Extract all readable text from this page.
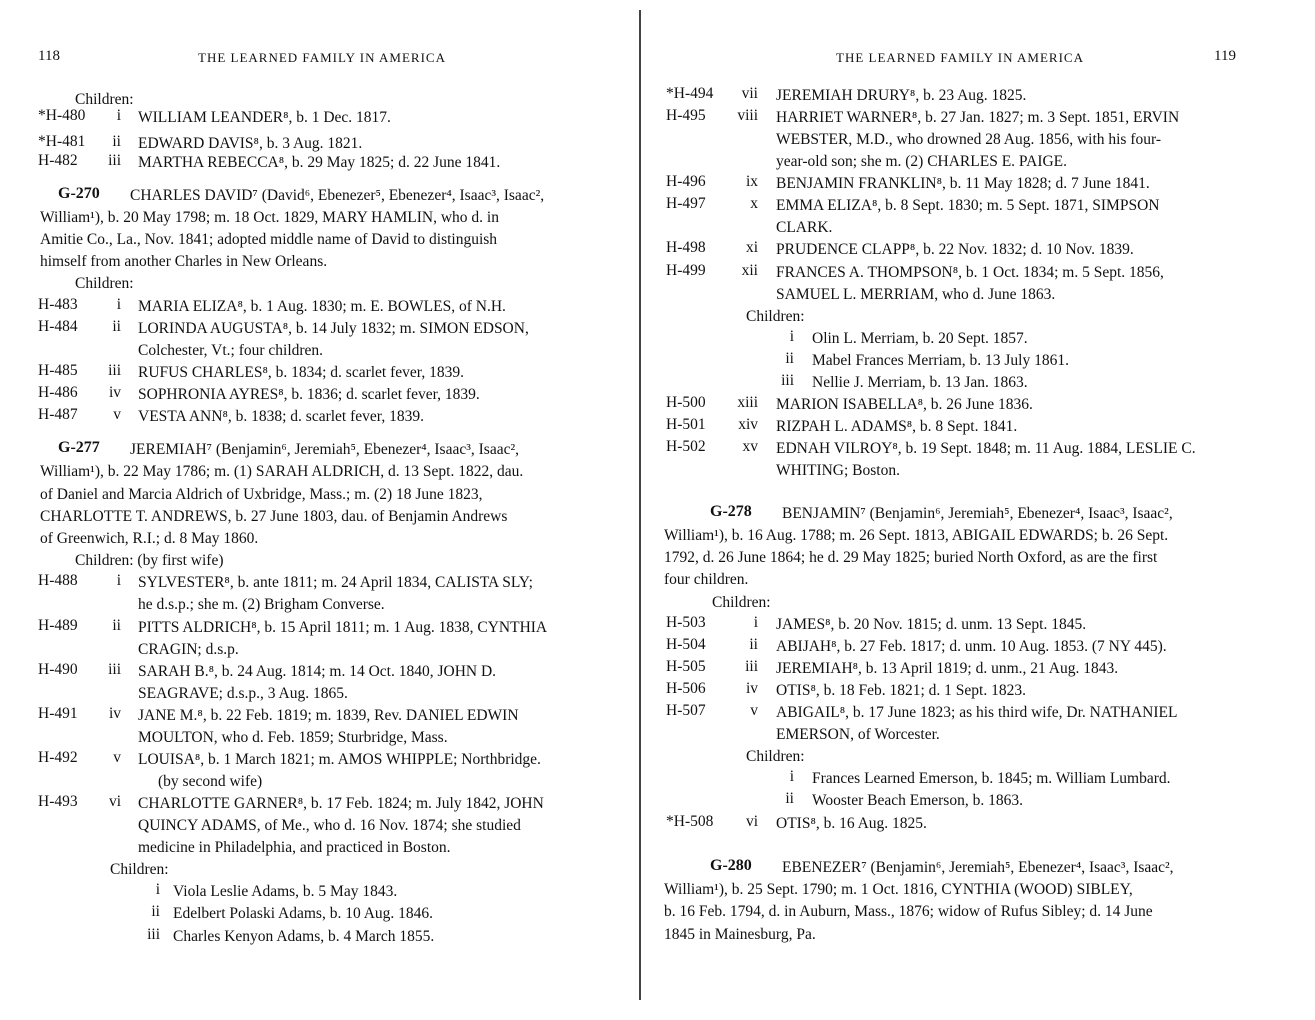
118	THE LEARNED FAMILY IN AMERICA
Children:
*H-480	i WILLIAM LEANDER⁸, b. 1 Dec. 1817.
*H-481	ii EDWARD DAVIS⁸, b. 3 Aug. 1821.
H-482	iii MARTHA REBECCA⁸, b. 29 May 1825; d. 22 June 1841.
G-270 CHARLES DAVID⁷ (David⁶, Ebenezer⁵, Ebenezer⁴, Isaac³, Isaac²,
William¹), b. 20 May 1798; m. 18 Oct. 1829, MARY HAMLIN, who d. in
Amitie Co., La., Nov. 1841; adopted middle name of David to distinguish
himself from another Charles in New Orleans.
Children:
H-483	i MARIA ELIZA⁸, b. 1 Aug. 1830; m. E. BOWLES, of N.H.
H-484	ii LORINDA AUGUSTA⁸, b. 14 July 1832; m. SIMON EDSON,
Colchester, Vt.; four children.
H-485	iii RUFUS CHARLES⁸, b. 1834; d. scarlet fever, 1839.
H-486	iv SOPHRONIA AYRES⁸, b. 1836; d. scarlet fever, 1839.
H-487	v VESTA ANN⁸, b. 1838; d. scarlet fever, 1839.
G-277 JEREMIAH⁷ (Benjamin⁶, Jeremiah⁵, Ebenezer⁴, Isaac³, Isaac²,
William¹), b. 22 May 1786; m. (1) SARAH ALDRICH, d. 13 Sept. 1822, dau.
of Daniel and Marcia Aldrich of Uxbridge, Mass.; m. (2) 18 June 1823,
CHARLOTTE T. ANDREWS, b. 27 June 1803, dau. of Benjamin Andrews
of Greenwich, R.I.; d. 8 May 1860.
Children: (by first wife)
H-488	i SYLVESTER⁸, b. ante 1811; m. 24 April 1834, CALISTA SLY;
he d.s.p.; she m. (2) Brigham Converse.
H-489	ii PITTS ALDRICH⁸, b. 15 April 1811; m. 1 Aug. 1838, CYNTHIA
CRAGIN; d.s.p.
H-490	iii SARAH B.⁸, b. 24 Aug. 1814; m. 14 Oct. 1840, JOHN D.
SEAGRAVE; d.s.p., 3 Aug. 1865.
H-491	iv JANE M.⁸, b. 22 Feb. 1819; m. 1839, Rev. DANIEL EDWIN
MOULTON, who d. Feb. 1859; Sturbridge, Mass.
H-492	v LOUISA⁸, b. 1 March 1821; m. AMOS WHIPPLE; Northbridge.
(by second wife)
H-493	vi CHARLOTTE GARNER⁸, b. 17 Feb. 1824; m. July 1842, JOHN
QUINCY ADAMS, of Me., who d. 16 Nov. 1874; she studied
medicine in Philadelphia, and practiced in Boston.
Children:
i Viola Leslie Adams, b. 5 May 1843.
ii Edelbert Polaski Adams, b. 10 Aug. 1846.
iii Charles Kenyon Adams, b. 4 March 1855.
THE LEARNED FAMILY IN AMERICA	119
*H-494	vii JEREMIAH DRURY⁸, b. 23 Aug. 1825.
H-495	viii HARRIET WARNER⁸, b. 27 Jan. 1827; m. 3 Sept. 1851, ERVIN
WEBSTER, M.D., who drowned 28 Aug. 1856, with his four-
year-old son; she m. (2) CHARLES E. PAIGE.
H-496	ix BENJAMIN FRANKLIN⁸, b. 11 May 1828; d. 7 June 1841.
H-497	x EMMA ELIZA⁸, b. 8 Sept. 1830; m. 5 Sept. 1871, SIMPSON
CLARK.
H-498	xi PRUDENCE CLAPP⁸, b. 22 Nov. 1832; d. 10 Nov. 1839.
H-499	xii FRANCES A. THOMPSON⁸, b. 1 Oct. 1834; m. 5 Sept. 1856,
SAMUEL L. MERRIAM, who d. June 1863.
Children:
i Olin L. Merriam, b. 20 Sept. 1857.
ii Mabel Frances Merriam, b. 13 July 1861.
iii Nellie J. Merriam, b. 13 Jan. 1863.
H-500	xiii MARION ISABELLA⁸, b. 26 June 1836.
H-501	xiv RIZPAH L. ADAMS⁸, b. 8 Sept. 1841.
H-502	xv EDNAH VILROY⁸, b. 19 Sept. 1848; m. 11 Aug. 1884, LESLIE C.
WHITING; Boston.
G-278 BENJAMIN⁷ (Benjamin⁶, Jeremiah⁵, Ebenezer⁴, Isaac³, Isaac²,
William¹), b. 16 Aug. 1788; m. 26 Sept. 1813, ABIGAIL EDWARDS; b. 26 Sept.
1792, d. 26 June 1864; he d. 29 May 1825; buried North Oxford, as are the first
four children.
Children:
H-503	i JAMES⁸, b. 20 Nov. 1815; d. unm. 13 Sept. 1845.
H-504	ii ABIJAH⁸, b. 27 Feb. 1817; d. unm. 10 Aug. 1853. (7 NY 445).
H-505	iii JEREMIAH⁸, b. 13 April 1819; d. unm., 21 Aug. 1843.
H-506	iv OTIS⁸, b. 18 Feb. 1821; d. 1 Sept. 1823.
H-507	v ABIGAIL⁸, b. 17 June 1823; as his third wife, Dr. NATHANIEL
EMERSON, of Worcester.
Children:
i Frances Learned Emerson, b. 1845; m. William Lumbard.
ii Wooster Beach Emerson, b. 1863.
*H-508	vi OTIS⁸, b. 16 Aug. 1825.
G-280 EBENEZER⁷ (Benjamin⁶, Jeremiah⁵, Ebenezer⁴, Isaac³, Isaac²,
William¹), b. 25 Sept. 1790; m. 1 Oct. 1816, CYNTHIA (WOOD) SIBLEY,
b. 16 Feb. 1794, d. in Auburn, Mass., 1876; widow of Rufus Sibley; d. 14 June
1845 in Mainesburg, Pa.
